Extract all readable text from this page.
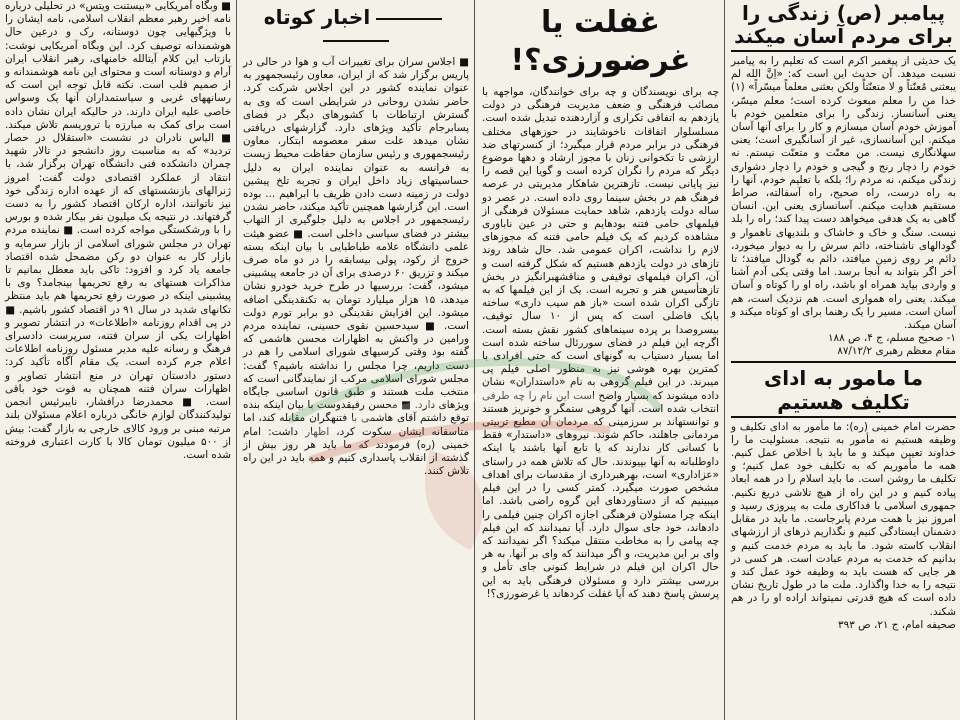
پیامبر (ص) زندگی را برای مردم آسان میکند

یک حدیثی از پیغمبر اکرم است که تعلیم را به پیامبر نسبت میدهد. آن حدیث این است که: «اِنَّ الله لم یبعثنی مُعنّتاً و لا متعنّتاً ولکن بعثنی معلماً میسّراً» (۱) خدا من را معلم مبعوث کرده است؛ معلم میسّر، یعنی آسانساز. زندگی را برای متعلمین خودم با آموزش خودم آسان میسازم و کار را برای آنها آسان میکنم. این آسانسازی، غیر از آسانگیری است؛ یعنی سهلانگاری نیست. من معنّت و متعنّت نیستم. نه خودم را دچار رنج و گیجی و خودم را دچار دشواری زندگی میکنم، نه مردم را؛ بلکه با تعلیم خودم، آنها را به راه درست، راه صحیح، راه آسفالته، صراط مستقیم هدایت میکنم. آسانسازی یعنی این. انسان گاهی به یک هدفی میخواهد دست پیدا کند؛ راه را بلد نیست. سنگ و خاک و خاشاک و بلندیهای ناهموار و گودالهای ناشناخته، دائم سرش را به دیوار میخورد، دائم بر روی زمین میافتد، دائم به گودال میافتد؛ تا آخر اگر بتواند به آنجا برسد. اما وقتی یکی آدم آشنا و واردی بیاید همراه او باشد، راه او را کوتاه و آسان میکند. یعنی راه همواری است. هم نزدیک است، هم آسان است. مسیر را یک رهنما برای او کوتاه میکند و آسان میکند.

۱- صحیح مسلم، ج ۴، ص ۱۸۸

مقام معظم رهبری ۸۷/۱۲/۲

ما مامور به ادای تکلیف هستیم

حضرت امام خمینی (ره): ما مأمور به ادای تکلیف و وظیفه هستیم نه مأمور به نتیجه. مسئولیت ما را خداوند تعیین میکند و ما باید با اخلاص عمل کنیم. همه ما مأموریم که به تکلیف خود عمل کنیم؛ و تکلیف ما روشن است. ما باید اسلام را در همه ابعاد پیاده کنیم و در این راه از هیچ تلاشی دریغ نکنیم. جمهوری اسلامی با فداکاری ملت به پیروزی رسید و امروز نیز با همت مردم پابرجاست. ما باید در مقابل دشمنان ایستادگی کنیم و نگذاریم ذرهای از ارزشهای انقلاب کاسته شود. ما باید به مردم خدمت کنیم و بدانیم که خدمت به مردم عبادت است. هر کسی در هر جایی که هست باید به وظیفه خود عمل کند و نتیجه را به خدا واگذارد. ملت ما در طول تاریخ نشان داده است که هیچ قدرتی نمیتواند اراده او را در هم شکند.

صحیفه امام، ج ۲۱، ص ۳۹۳

غفلت یا غرضورزی؟!

چه برای نویسندگان و چه برای خوانندگان، مواجهه با مصائب فرهنگی و ضعف مدیریت فرهنگی در دولت یازدهم به اتفاقی تکراری و آزاردهنده تبدیل شده است. مسلسلوار اتفاقات ناخوشایند در حوزههای مختلف فرهنگی در برابر مردم قرار میگیرد؛ از کنسرتهای ضد ارزشی تا تکخوانی زنان با مجوز ارشاد و دهها موضوع دیگر که مردم را نگران کرده است و گویا این قصه را نیز پایانی نیست. تازهترین شاهکار مدیریتی در عرصه فرهنگ هم در بخش سینما روی داده است. در عصر دو ساله دولت یازدهم، شاهد حمایت مسئولان فرهنگی از فیلمهای حامی فتنه بودهایم و حتی در عین ناباوری مشاهده کردیم که یک فیلم حامی فتنه که مجوزهای لازم را نداشت، اکران عمومی شد. حال شاهد روند تازهای در دولت یازدهم هستیم که شکل گرفته است و آن، اکران فیلمهای توقیفی و مناقشهبرانگیز در بخش تازهتأسیس هنر و تجربه است. یک از این فیلمها که به تازگی اکران شده است «باز هم سیب داری» ساخته بابک فاضلی است که پس از ۱۰ سال توقیف، بیسروصدا بر پرده سینماهای کشور نقش بسته است. اگرچه این فیلم در فضای سوررئال ساخته شده است اما بسیار دستیاب به گونهای است که حتی افرادی با کمترین بهره هوشی نیز به منظور اصلی فیلم پی میبرند. در این فیلم گروهی به نام «داستداران» نشان داده میشوند که بسیار واضح است این نام را چه طرفی انتخاب شده است. آنها گروهی ستمگر و خونریز هستند و توانستهاند بر سرزمینی که مردمان آن مطیع تربیتی مردمانی جاهلند، حاکم شوند. نیروهای «داستدار» فقط با کسانی کار ندارند که یا تابع آنها باشند یا اینکه داوطلبانه به آنها بپیوندند. حال که تلاش همه در راستای «عزاداری» است، بهرهبرداری از مقدسات برای اهداف مشخص صورت میگیرد. کمتر کسی را در این فیلم میبینیم که از دستاوردهای این گروه راضی باشد. اما اینکه چرا مسئولان فرهنگی اجازه اکران چنین فیلمی را دادهاند، خود جای سوال دارد. آیا نمیدانند که این فیلم چه پیامی را به مخاطب منتقل میکند؟ اگر نمیدانند که وای بر این مدیریت، و اگر میدانند که وای بر آنها. به هر حال اکران این فیلم در شرایط کنونی جای تأمل و بررسی بیشتر دارد و مسئولان فرهنگی باید به این پرسش پاسخ دهند که آیا غفلت کردهاند یا غرضورزی؟!

اخبار کوتاه

■ اجلاس سران برای تغییرات آب و هوا در حالی در پاریس برگزار شد که از ایران، معاون رئیسجمهور به عنوان نماینده کشور در این اجلاس شرکت کرد. حاضر نشدن روحانی در شرایطی است که وی به گسترش ارتباطات با کشورهای دیگر در فضای پسابرجام تأکید ویژهای دارد. گزارشهای دریافتی نشان میدهد علت سفر معصومه ابتکار، معاون رئیسجمهوری و رئیس سازمان حفاظت محیط زیست به فرانسه به عنوان نماینده ایران به دلیل حساسیتهای زیاد داخل ایران و تجربه تلخ پیشین دولت در زمینه دست دادن ظریف با ابراهیم ... بوده است. این گزارشها همچنین تأکید میکند، حاضر نشدن رئیسجمهور در اجلاس به دلیل جلوگیری از التهاب بیشتر در فضای سیاسی داخلی است. ■ عضو هیئت علمی دانشگاه علامه طباطبایی با بیان اینکه بسته خروج از رکود، پولی بیسابقه را در دو ماه صرف میکند و تزریق ۶۰ درصدی برای آن در جامعه پیشبینی میشود، گفت: بررسیها در طرح خرید خودرو نشان میدهد، ۱۵ هزار میلیارد تومان به تکنقدینگی اضافه میشود. این افزایش نقدینگی دو برابر تورم دولت است. ■ سیدحسین نقوی حسینی، نماینده مردم ورامین در واکنش به اظهارات محسن هاشمی که گفته بود وقتی کرسیهای شورای اسلامی را هم در دست داریم، چرا مجلس را نداشته باشیم؟ گفت: مجلس شورای اسلامی مرکب از نمایندگانی است که منتخب ملت هستند و طبق قانون اساسی جایگاه ویژهای دارد. ■ محسن رفیقدوست با بیان اینکه بنده توقع داشتم آقای هاشمی با فتنهگران مقابله کند، اما متاسفانه ایشان سکوت کرد، اظهار داشت: امام خمینی (ره) فرمودند که ما باید هر روز بیش از گذشته از انقلاب پاسداری کنیم و همه باید در این راه تلاش کنند.

■ وبگاه آمریکایی «بیستنت ویتس» در تحلیلی درباره نامه اخیر رهبر معظم انقلاب اسلامی، نامه ایشان را با ویژگیهایی چون دوستانه، رک و درعین حال هوشمندانه توصیف کرد. این وبگاه آمریکایی نوشت: بازتاب این کلام آیتالله خامنهای، رهبر انقلاب ایران آرام و دوستانه است و محتوای این نامه هوشمندانه و از صمیم قلب است. نکته قابل توجه این است که رسانههای غربی و سیاستمداران آنها یک وسواس خاصی علیه ایران دارند. در حالیکه ایران نشان داده است برای کمک به مبارزه با تروریسم تلاش میکند. ■ الیاس نادران در نشست «استقلال در حصار تردید» که به مناسبت روز دانشجو در تالار شهید چمران دانشکده فنی دانشگاه تهران برگزار شد، با انتقاد از عملکرد اقتصادی دولت گفت: امروز ژنرالهای بازنشستهای که از عهده اداره زندگی خود نیز ناتوانند، اداره ارکان اقتصاد کشور را به دست گرفتهاند. در نتیجه یک میلیون نفر بیکار شده و بورس را با ورشکستگی مواجه کرده است. ■ نماینده مردم تهران در مجلس شورای اسلامی از بازار سرمایه و بازار کار به عنوان دو رکن مضمحل شده اقتصاد جامعه یاد کرد و افزود: تاکی باید معطل بمانیم تا مذاکرات هستهای به رفع تحریمها بینجامد؟ وی با پیشبینی اینکه در صورت رفع تحریمها هم باید منتظر تکانهای شدید در سال ۹۱ در اقتصاد کشور باشیم. ■ در پی اقدام روزنامه «اطلاعات» در انتشار تصویر و اظهارات یکی از سران فتنه، سرپرست دادسرای فرهنگ و رسانه علیه مدیر مسئول روزنامه اطلاعات اعلام جرم کرده است. یک مقام آگاه تأکید کرد: دستور دادستان تهران در منع انتشار تصاویر و اظهارات سران فتنه همچنان به قوت خود باقی است. ■ محمدرضا درافشار، نایبرئیس انجمن تولیدکنندگان لوازم خانگی درباره اعلام مسئولان بلند مرتبه مبنی بر ورود کالای خارجی به بازار گفت: بیش از ۵۰۰ میلیون تومان کالا با کارت اعتباری فروخته شده است.
